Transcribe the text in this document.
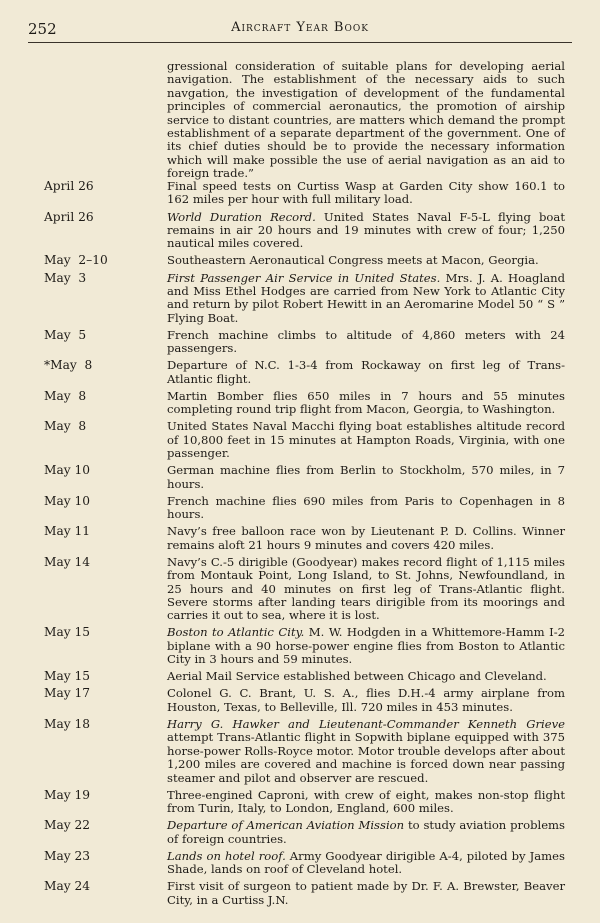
252	Aircraft Year Book
gressional consideration of suitable plans for developing aerial navigation. The establishment of the necessary aids to such navgation, the investigation of development of the fundamental principles of commercial aeronautics, the promotion of airship service to distant countries, are matters which demand the prompt establishment of a separate department of the government. One of its chief duties should be to provide the necessary information which will make possible the use of aerial navigation as an aid to foreign trade.”
April 26	Final speed tests on Curtiss Wasp at Garden City show 160.1 to 162 miles per hour with full military load.
April 26	World Duration Record. United States Naval F-5-L flying boat remains in air 20 hours and 19 minutes with crew of four; 1,250 nautical miles covered.
May  2–10	Southeastern Aeronautical Congress meets at Macon, Georgia.
May  3	First Passenger Air Service in United States. Mrs. J. A. Hoagland and Miss Ethel Hodges are carried from New York to Atlantic City and return by pilot Robert Hewitt in an Aeromarine Model 50 “ S ” Flying Boat.
May  5	French machine climbs to altitude of 4,860 meters with 24 passengers.
*May  8	Departure of N.C. 1-3-4 from Rockaway on first leg of Trans-Atlantic flight.
May  8	Martin Bomber flies 650 miles in 7 hours and 55 minutes completing round trip flight from Macon, Georgia, to Washington.
May  8	United States Naval Macchi flying boat establishes altitude record of 10,800 feet in 15 minutes at Hampton Roads, Virginia, with one passenger.
May 10	German machine flies from Berlin to Stockholm, 570 miles, in 7 hours.
May 10	French machine flies 690 miles from Paris to Copenhagen in 8 hours.
May 11	Navy’s free balloon race won by Lieutenant P. D. Collins. Winner remains aloft 21 hours 9 minutes and covers 420 miles.
May 14	Navy’s C.-5 dirigible (Goodyear) makes record flight of 1,115 miles from Montauk Point, Long Island, to St. Johns, Newfoundland, in 25 hours and 40 minutes on first leg of Trans-Atlantic flight. Severe storms after landing tears dirigible from its moorings and carries it out to sea, where it is lost.
May 15	Boston to Atlantic City. M. W. Hodgden in a Whittemore-Hamm I-2 biplane with a 90 horse-power engine flies from Boston to Atlantic City in 3 hours and 59 minutes.
May 15	Aerial Mail Service established between Chicago and Cleveland.
May 17	Colonel G. C. Brant, U. S. A., flies D.H.-4 army airplane from Houston, Texas, to Belleville, Ill. 720 miles in 453 minutes.
May 18	Harry G. Hawker and Lieutenant-Commander Kenneth Grieve attempt Trans-Atlantic flight in Sopwith biplane equipped with 375 horse-power Rolls-Royce motor. Motor trouble develops after about 1,200 miles are covered and machine is forced down near passing steamer and pilot and observer are rescued.
May 19	Three-engined Caproni, with crew of eight, makes non-stop flight from Turin, Italy, to London, England, 600 miles.
May 22	Departure of American Aviation Mission to study aviation problems of foreign countries.
May 23	Lands on hotel roof. Army Goodyear dirigible A-4, piloted by James Shade, lands on roof of Cleveland hotel.
May 24	First visit of surgeon to patient made by Dr. F. A. Brewster, Beaver City, in a Curtiss J.N.
